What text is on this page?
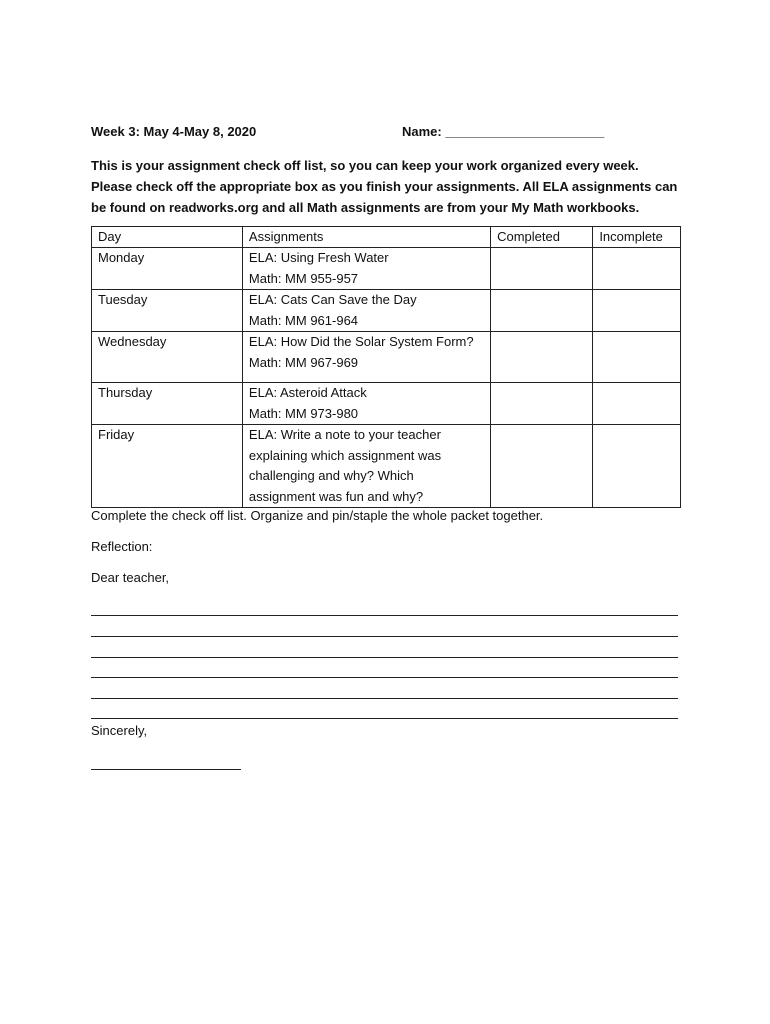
Week 3: May 4-May 8, 2020	Name: ______________________

This is your assignment check off list, so you can keep your work organized every week.

Please check off the appropriate box as you finish your assignments. All ELA assignments can

be found on readworks.org and all Math assignments are from your My Math workbooks.

Day	Assignments	Completed	Incomplete
Monday	ELA: Using Fresh Water
Math: MM 955-957		

Tuesday	ELA: Cats Can Save the Day
Math: MM 961-964		

Wednesday	ELA: How Did the Solar System Form?
Math: MM 967-969		

Thursday	ELA: Asteroid Attack
Math: MM 973-980		

Friday	ELA: Write a note to your teacher
explaining which assignment was
challenging and why? Which
assignment was fun and why?		

Complete the check off list. Organize and pin/staple the whole packet together.
Reflection:
Dear teacher,
Sincerely,
